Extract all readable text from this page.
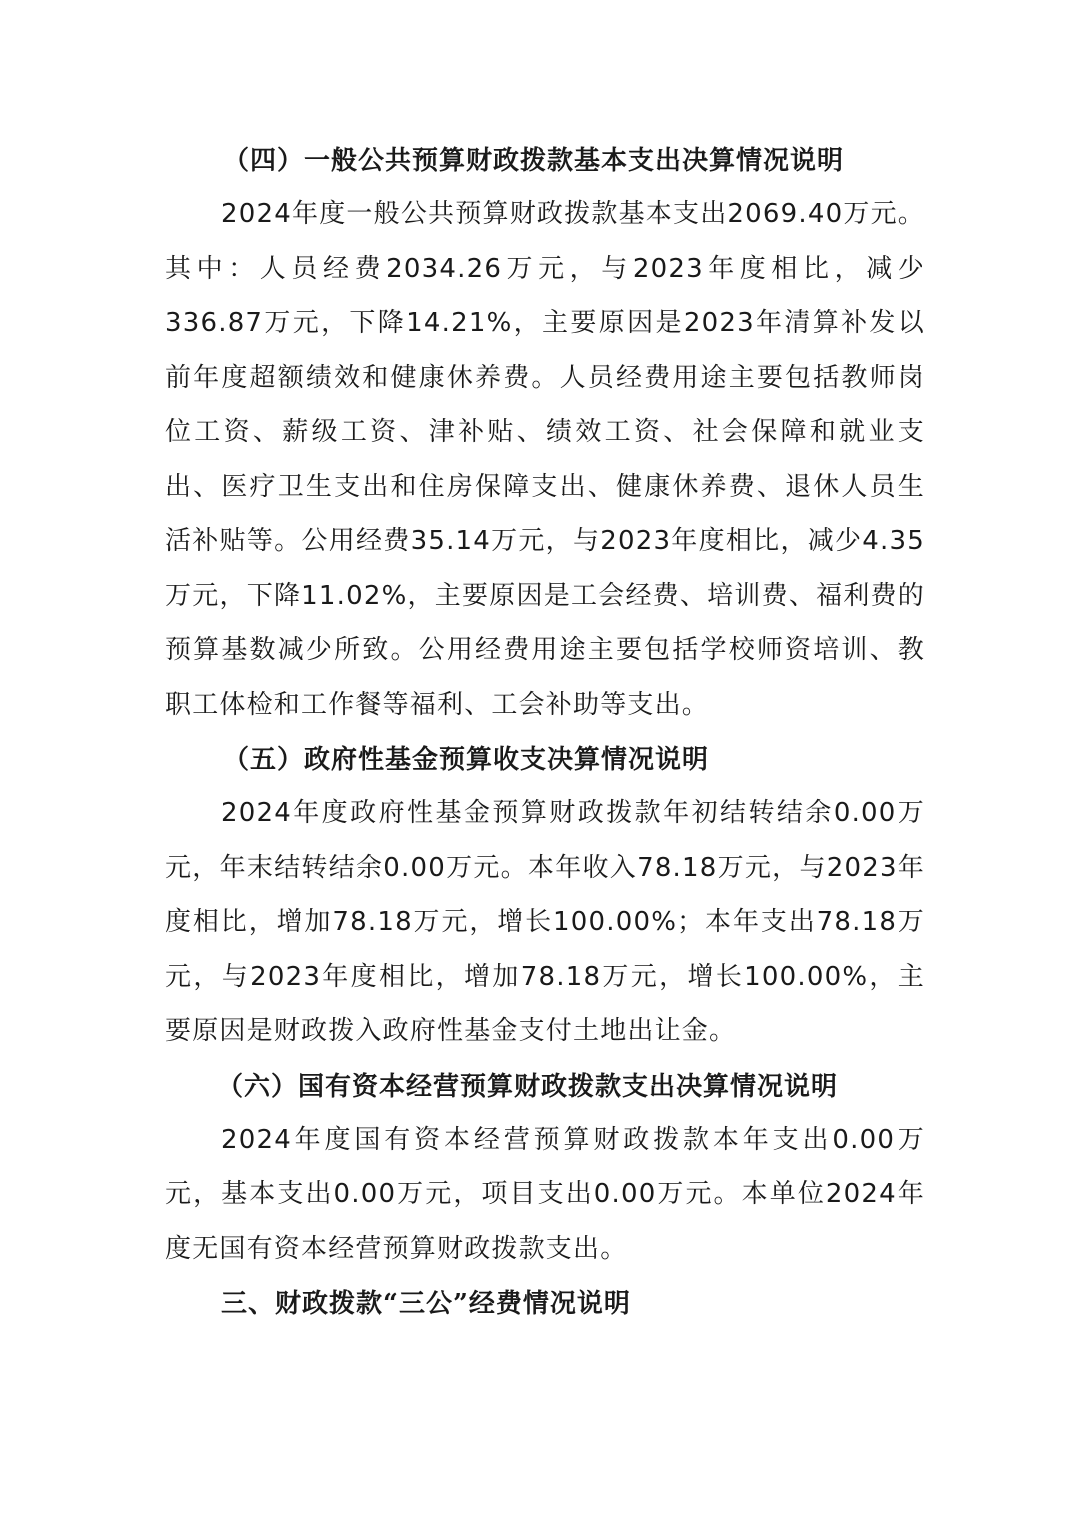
（四）一般公共预算财政拨款基本支出决算情况说明

2024年度一般公共预算财政拨款基本支出2069.40万元。其中：人员经费2034.26万元，与2023年度相比，减少336.87万元，下降14.21%，主要原因是2023年清算补发以前年度超额绩效和健康休养费。人员经费用途主要包括教师岗位工资、薪级工资、津补贴、绩效工资、社会保障和就业支出、医疗卫生支出和住房保障支出、健康休养费、退休人员生活补贴等。公用经费35.14万元，与2023年度相比，减少4.35万元，下降11.02%，主要原因是工会经费、培训费、福利费的预算基数减少所致。公用经费用途主要包括学校师资培训、教职工体检和工作餐等福利、工会补助等支出。

（五）政府性基金预算收支决算情况说明

2024年度政府性基金预算财政拨款年初结转结余0.00万元，年末结转结余0.00万元。本年收入78.18万元，与2023年度相比，增加78.18万元，增长100.00%；本年支出78.18万元，与2023年度相比，增加78.18万元，增长100.00%，主要原因是财政拨入政府性基金支付土地出让金。

（六）国有资本经营预算财政拨款支出决算情况说明

2024年度国有资本经营预算财政拨款本年支出0.00万元，基本支出0.00万元，项目支出0.00万元。本单位2024年度无国有资本经营预算财政拨款支出。

三、财政拨款“三公”经费情况说明
